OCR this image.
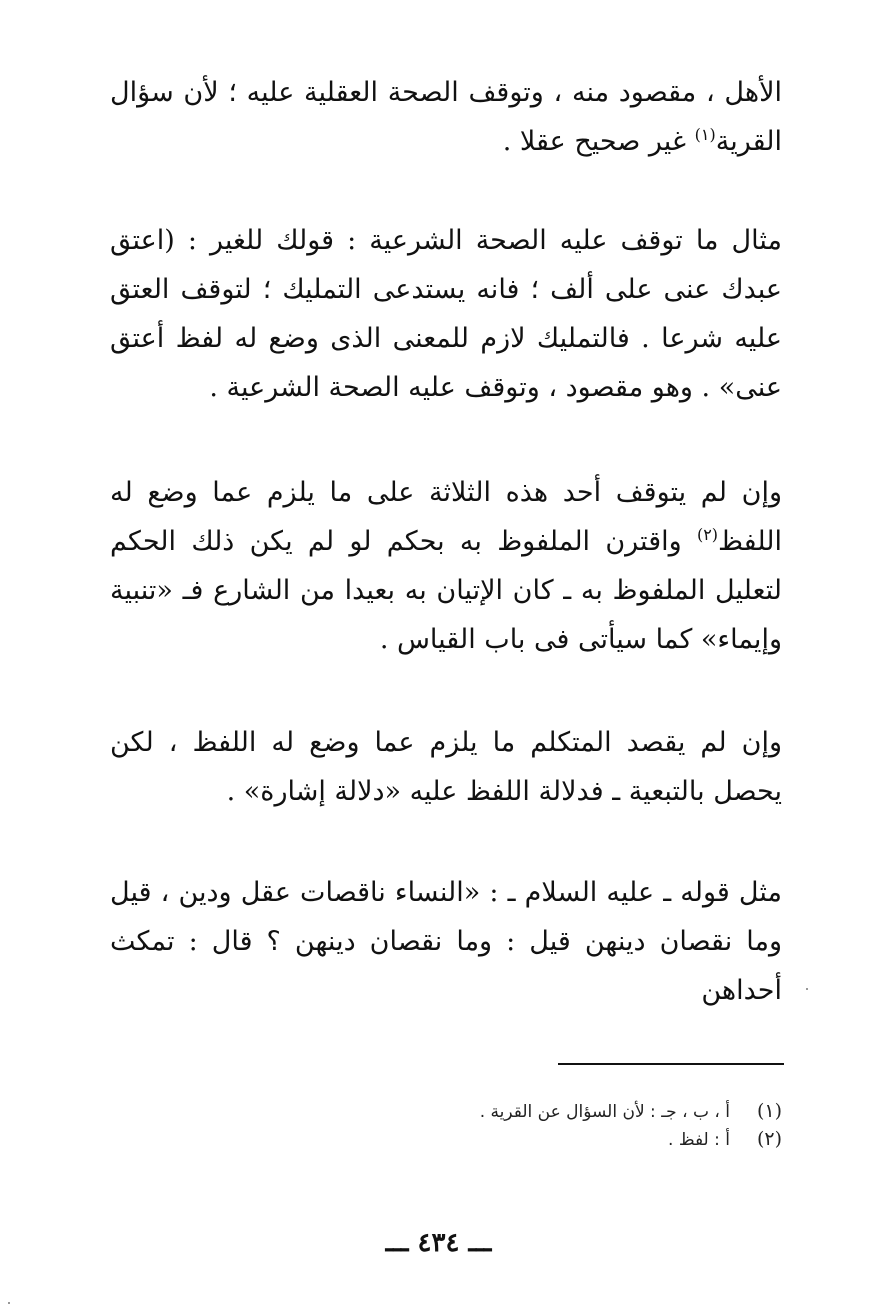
الأهل ، مقصود منه ، وتوقف الصحة العقلية عليه ؛ لأن سؤال القرية$^{(١)}$ غير صحيح عقلا .

مثال ما توقف عليه الصحة الشرعية : قولك للغير : (اعتق عبدك عنى على ألف ؛ فانه يستدعى التمليك ؛ لتوقف العتق عليه شرعا . فالتمليك لازم للمعنى الذى وضع له لفظ أعتق عنى» . وهو مقصود ، وتوقف عليه الصحة الشرعية .

وإن لم يتوقف أحد هذه الثلاثة على ما يلزم عما وضع له اللفظ$^{(٢)}$ واقترن الملفوظ به بحكم لو لم يكن ذلك الحكم لتعليل الملفوظ به ـ كان الإتيان به بعيدا من الشارع فـ «تنبية وإيماء» كما سيأتى فى باب القياس .

وإن لم يقصد المتكلم ما يلزم عما وضع له اللفظ ، لكن يحصل بالتبعية ـ فدلالة اللفظ عليه «دلالة إشارة» .

مثل قوله ـ عليه السلام ـ : «النساء ناقصات عقل ودين ، قيل وما نقصان دينهن قيل : وما نقصان دينهن ؟ قال : تمكث أحداهن

(١)
أ ، ب ، جـ : لأن السؤال عن القرية .
(٢)
أ : لفظ .
ـــ ٤٣٤ ـــ
